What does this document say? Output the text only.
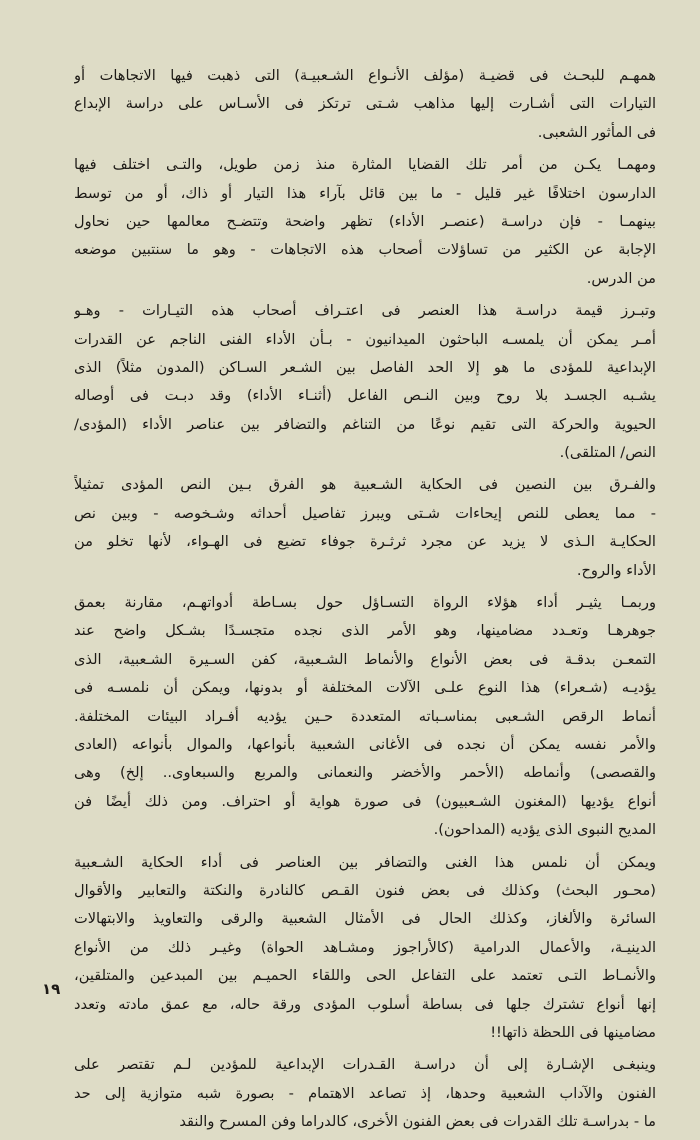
همهـم للبحـث فى قضيـة (مؤلف الأنـواع الشـعبيـة) التى ذهبت فيها الاتجاهات أو
التيارات التى أشـارت إليها مذاهب شـتى ترتكز فى الأسـاس على دراسة الإبداع
فى المأثور الشعبى.
ومهمـا يكـن من أمر تلك القضايا المثارة منذ زمن طويل، والتـى اختلف فيها
الدارسون اختلافًا غير قليل - ما بين قائل بآراء هذا التيار أو ذاك، أو من توسط
بينهمـا - فإن دراسـة (عنصـر الأداء) تظهر واضحة وتتضـح معالمها حين نحاول
الإجابة عن الكثير من تساؤلات أصحاب هذه الاتجاهات - وهو ما سنتبين موضعه
من الدرس.
وتبـرز قيمة دراسـة هذا العنصر فى اعتـراف أصحاب هذه التيـارات - وهـو
أمـر يمكن أن يلمسـه الباحثون الميدانيون - بـأن الأداء الفنى الناجم عن القدرات
الإبداعية للمؤدى ما هو إلا الحد الفاصل بين الشـعر السـاكن (المدون مثلاً) الذى
يشـبه الجسـد بلا روح وبين النـص الفاعل (أثنـاء الأداء) وقد دبـت فى أوصاله
الحيوية والحركة التى تقيم نوعًا من التناغم والتضافر بين عناصر الأداء (المؤدى/
النص/ المتلقى).
والفـرق بين النصين فى الحكاية الشـعبية هو الفرق بـين النص المؤدى تمثيلاً
- مما يعطى للنص إيحاءات شـتى ويبرز تفاصيل أحداثه وشـخوصه - وبين نص
الحكايـة الـذى لا يزيد عن مجرد ثرثـرة جوفاء تضيع فى الهـواء، لأنها تخلو من
الأداء والروح.
وربمـا يثيـر أداء هؤلاء الرواة التسـاؤل حول بسـاطة أدواتهـم، مقارنة بعمق
جوهرهـا وتعـدد مضامينها، وهو الأمر الذى نجده متجسـدًا بشـكل واضح عند
التمعـن بدقـة فى بعض الأنواع والأنماط الشـعبية، كفن السـيرة الشـعبية، الذى
يؤديـه (شـعراء) هذا النوع علـى الآلات المختلفة أو بدونها، ويمكن أن نلمسـه فى
أنماط الرقص الشـعبى بمناسـباته المتعددة حـين يؤديه أفـراد البيئات المختلفة.
والأمر نفسه يمكن أن نجده فى الأغانى الشعبية بأنواعها، والموال بأنواعه (العادى
والقصصى) وأنماطه (الأحمر والأخضر والنعمانى والمربع والسبعاوى.. إلخ) وهى
أنواع يؤديها (المغنون الشـعبيون) فى صورة هواية أو احتراف. ومن ذلك أيضًا فن
المديح النبوى الذى يؤديه (المداحون).
ويمكن أن نلمس هذا الغنى والتضافر بين العناصر فى أداء الحكاية الشـعبية
(محـور البحث) وكذلك فى بعض فنون القـص كالنادرة والنكتة والتعابير والأقوال
السائرة والألغاز، وكذلك الحال فى الأمثال الشعبية والرقى والتعاويذ والابتهالات
الدينيـة، والأعمال الدرامية (كالأراجوز ومشـاهد الحواة) وغيـر ذلك من الأنواع
والأنمـاط التـى تعتمد على التفاعل الحى واللقاء الحميـم بين المبدعين والمتلقين،
إنها أنواع تشترك جلها فى بساطة أسلوب المؤدى ورقة حاله، مع عمق مادته وتعدد
مضامينها فى اللحظة ذاتها!!
وينبغـى الإشـارة إلى أن دراسـة القـدرات الإبداعية للمؤدين لـم تقتصر على
الفنون والآداب الشعبية وحدها، إذ تصاعد الاهتمام - بصورة شبه متوازية إلى حد
ما - بدراسـة تلك القدرات فى بعض الفنون الأخرى، كالدراما وفن المسرح والنقد
١٩
